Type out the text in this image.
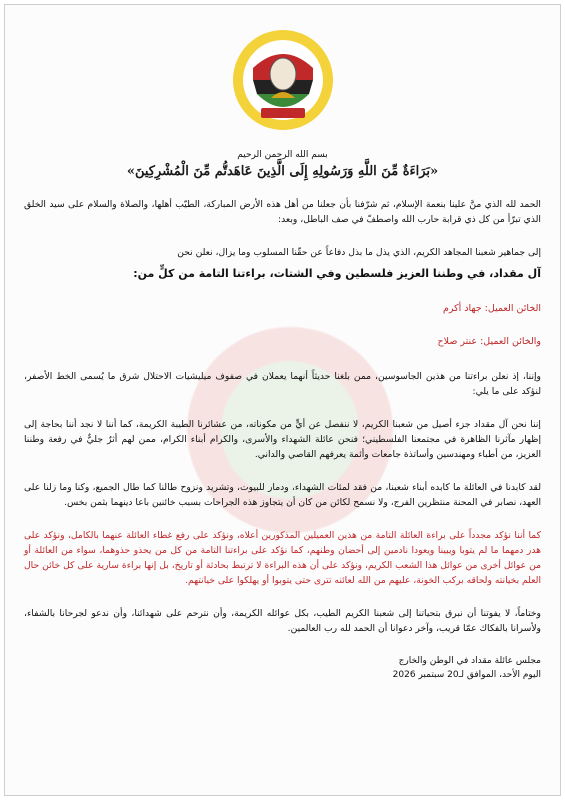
بسم الله الرحمن الرحيم

«بَرَاءَةٌ مِّنَ اللَّهِ وَرَسُولِهِ إِلَى الَّذِينَ عَاهَدتُّم مِّنَ الْمُشْرِكِينَ»

الحمد لله الذي منَّ علينا بنعمة الإسلام، ثم شرّفنا بأن جعلنا من أهل هذه الأرض المباركة، الطيّب أهلها، والصلاة والسلام على سيد الخلق الذي تبرّأ من كل ذي قرابة حارب الله واصطفّ في صف الباطل، وبعد:

إلى جماهير شعبنا المجاهد الكريم، الذي يذل ما بذل دفاعاً عن حقّنا المسلوب وما يزال، نعلن نحن

آل مقداد، في وطننا العزيز فلسطين وفي الشتات، براءتنا التامة من كلٍّ من:

الخائن العميل: جهاد أكرم

والخائن العميل: عنتر صلاح

وإننا، إذ نعلن براءتنا من هذين الجاسوسين، ممن بلغنا حديثاً أنهما يعملان في صفوف ميليشيات الاحتلال شرق ما يُسمى الخط الأصفر، لنؤكد على ما يلي:

إننا نحن آل مقداد جزء أصيل من شعبنا الكريم، لا ننفصل عن أيٍّ من مكوناته، من عشائرنا الطيبة الكريمة، كما أننا لا نجد أننا بحاجة إلى إظهار مآثرنا الظاهرة في مجتمعنا الفلسطيني؛ فنحن عائلة الشهداء والأسرى، والكرام أبناء الكرام، ممن لهم أثرٌ جليٌّ في رفعة وطننا العزيز، من أطباء ومهندسين وأساتذة جامعات وأئمة يعرفهم القاصي والداني.

لقد كابدنا في العائلة ما كابده أبناء شعبنا، من فقد لمئات الشهداء، ودمار للبيوت، وتشريد ونزوح طالنا كما طال الجميع، وكنا وما زلنا على العهد، نصابر في المحنة منتظرين الفرج، ولا نسمح لكائن من كان أن يتجاوز هذه الجراحات بسبب خائنين باعا دينهما بثمن بخس.

كما أننا نؤكد مجدداً على براءة العائلة التامة من هذين العميلين المذكورين أعلاه، ونؤكد على رفع غطاء العائلة عنهما بالكامل، ونؤكد على هدر دمهما ما لم يتوبا ويبينا ويعودا نادمين إلى أحضان وطنهم، كما نؤكد على براءتنا التامة من كل من يحذو حذوهما، سواء من العائلة أو من عوائل أخرى من عوائل هذا الشعب الكريم، ونؤكد على أن هذه البراءة لا ترتبط بحادثة أو تاريخ، بل إنها براءة سارية على كل خائن حال العلم بخيانته ولحاقه بركب الخونة، عليهم من الله لعائنه تترى حتى يتوبوا أو يهلكوا على خيانتهم.

وختاماً، لا يفوتنا أن نبرق بتحياتنا إلى شعبنا الكريم الطيب، بكل عوائله الكريمة، وأن نترحم على شهدائنا، وأن ندعو لجرحانا بالشفاء، ولأسرانا بالفكاك عمّا قريب، وآخر دعوانا أن الحمد لله رب العالمين.

مجلس عائلة مقداد في الوطن والخارج

اليوم الأحد، الموافق لـ20 سبتمبر 2026
